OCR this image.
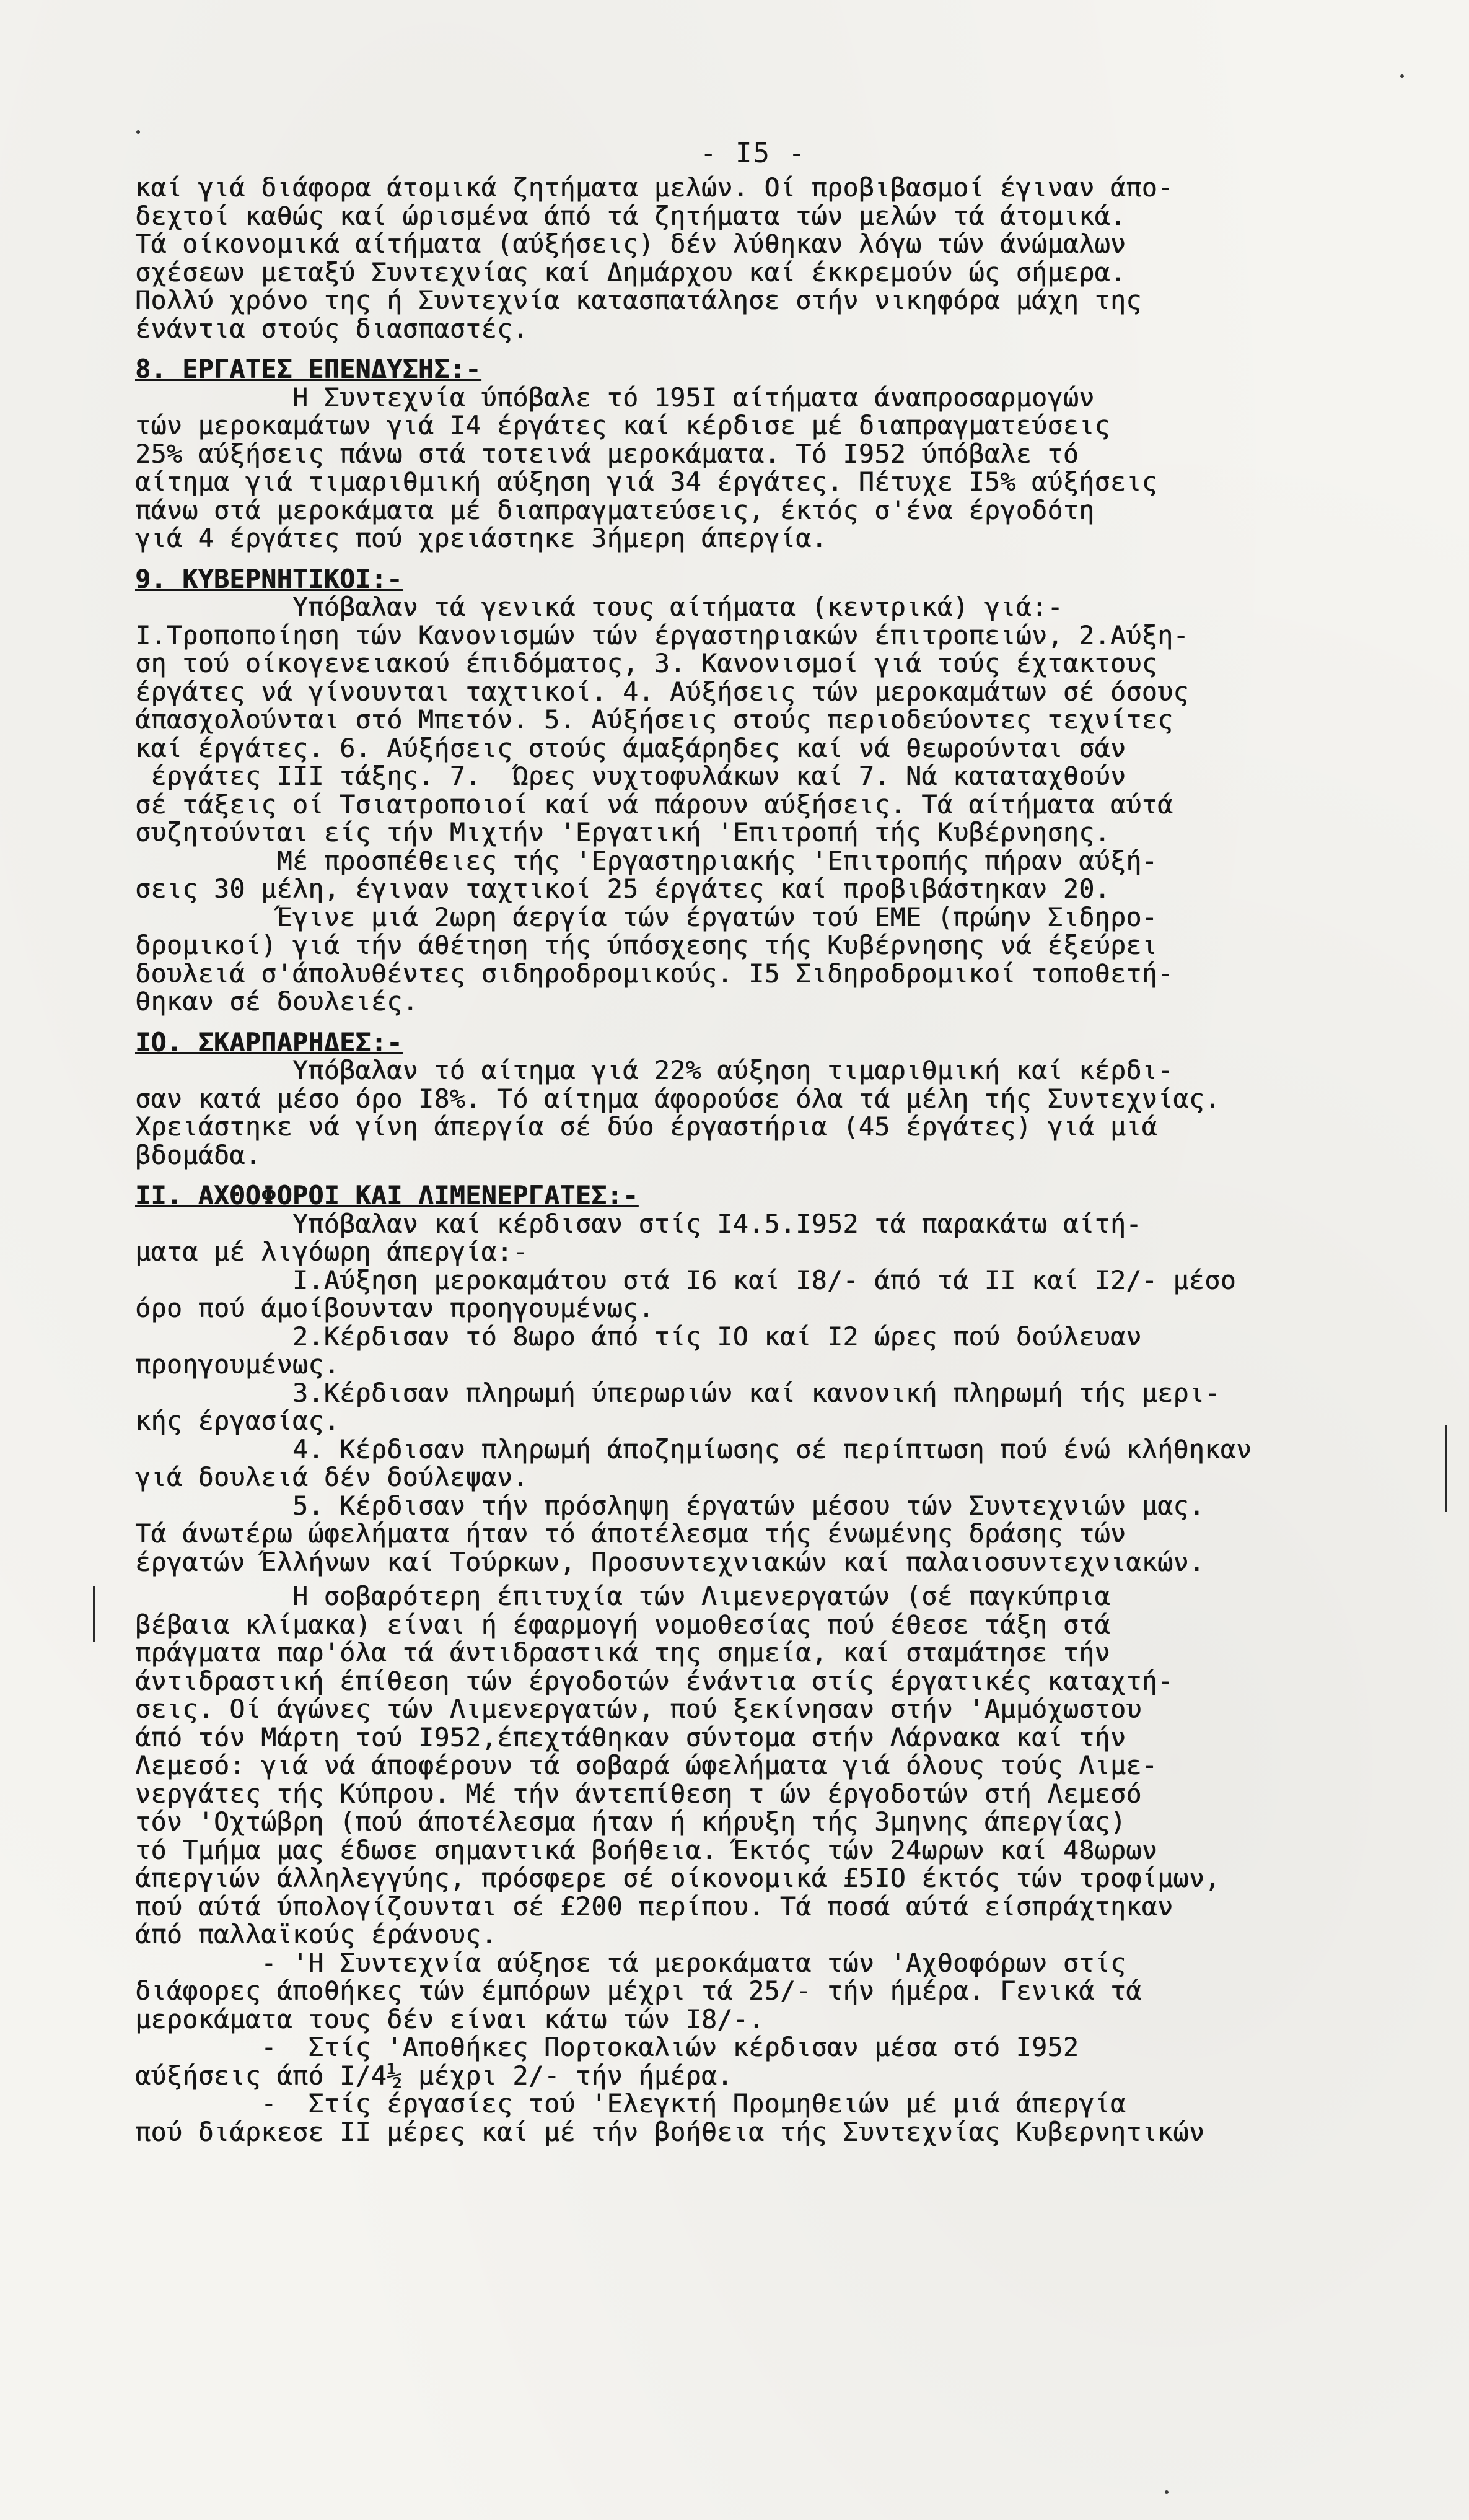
- I5 -
καί γιά διάφορα άτομικά ζητήματα μελών. Οί προβιβασμοί έγιναν άπο-
δεχτοί καθώς καί ώρισμένα άπό τά ζητήματα τών μελών τά άτομικά.
Τά οίκονομικά αίτήματα (αύξήσεις) δέν λύθηκαν λόγω τών άνώμαλων
σχέσεων μεταξύ Συντεχνίας καί Δημάρχου καί έκκρεμούν ώς σήμερα.
Πολλύ χρόνο της ή Συντεχνία κατασπατάλησε στήν νικηφόρα μάχη της
ένάντια στούς διασπαστές.
8. ΕΡΓΑΤΕΣ ΕΠΕΝΔΥΣΗΣ:-
Η Συντεχνία ύπόβαλε τό 195Ι αίτήματα άναπροσαρμογών
τών μεροκαμάτων γιά Ι4 έργάτες καί κέρδισε μέ διαπραγματεύσεις
25% αύξήσεις πάνω στά τοτεινά μεροκάματα. Τό Ι952 ύπόβαλε τό
αίτημα γιά τιμαριθμική αύξηση γιά 34 έργάτες. Πέτυχε Ι5% αύξήσεις
πάνω στά μεροκάματα μέ διαπραγματεύσεις, έκτός σ'ένα έργοδότη
γιά 4 έργάτες πού χρειάστηκε 3ήμερη άπεργία.
9. ΚΥΒΕΡΝΗΤΙΚΟΙ:-
Υπόβαλαν τά γενικά τους αίτήματα (κεντρικά) γιά:-
Ι.Τροποποίηση τών Κανονισμών τών έργαστηριακών έπιτροπειών, 2.Αύξη-
ση τού οίκογενειακού έπιδόματος, 3. Κανονισμοί γιά τούς έχτακτους
έργάτες νά γίνουνται ταχτικοί. 4. Αύξήσεις τών μεροκαμάτων σέ όσους
άπασχολούνται στό Μπετόν. 5. Αύξήσεις στούς περιοδεύοντες τεχνίτες
καί έργάτες. 6. Αύξήσεις στούς άμαξάρηδες καί νά θεωρούνται σάν
έργάτες ΙΙΙ τάξης. 7.  Ώρες νυχτοφυλάκων καί 7. Νά καταταχθούν
σέ τάξεις οί Τσιατροποιοί καί νά πάρουν αύξήσεις. Τά αίτήματα αύτά
συζητούνται είς τήν Μιχτήν 'Εργατική 'Επιτροπή τής Κυβέρνησης.
Μέ προσπέθειες τής 'Εργαστηριακής 'Επιτροπής πήραν αύξή-
σεις 30 μέλη, έγιναν ταχτικοί 25 έργάτες καί προβιβάστηκαν 20.
Έγινε μιά 2ωρη άεργία τών έργατών τού ΕΜΕ (πρώην Σιδηρο-
δρομικοί) γιά τήν άθέτηση τής ύπόσχεσης τής Κυβέρνησης νά έξεύρει
δουλειά σ'άπολυθέντες σιδηροδρομικούς. Ι5 Σιδηροδρομικοί τοποθετή-
θηκαν σέ δουλειές.
ΙΟ. ΣΚΑΡΠΑΡΗΔΕΣ:-
Υπόβαλαν τό αίτημα γιά 22% αύξηση τιμαριθμική καί κέρδι-
σαν κατά μέσο όρο Ι8%. Τό αίτημα άφορούσε όλα τά μέλη τής Συντεχνίας.
Χρειάστηκε νά γίνη άπεργία σέ δύο έργαστήρια (45 έργάτες) γιά μιά
βδομάδα.
ΙΙ. ΑΧΘΟΦΟΡΟΙ ΚΑΙ ΛΙΜΕΝΕΡΓΑΤΕΣ:-
Υπόβαλαν καί κέρδισαν στίς Ι4.5.Ι952 τά παρακάτω αίτή-
ματα μέ λιγόωρη άπεργία:-
Ι.Αύξηση μεροκαμάτου στά Ι6 καί Ι8/- άπό τά ΙΙ καί Ι2/- μέσο
όρο πού άμοίβουνταν προηγουμένως.
2.Κέρδισαν τό 8ωρο άπό τίς ΙΟ καί Ι2 ώρες πού δούλευαν
προηγουμένως.
3.Κέρδισαν πληρωμή ύπερωριών καί κανονική πληρωμή τής μερι-
κής έργασίας.
4. Κέρδισαν πληρωμή άποζημίωσης σέ περίπτωση πού ένώ κλήθηκαν
γιά δουλειά δέν δούλεψαν.
5. Κέρδισαν τήν πρόσληψη έργατών μέσου τών Συντεχνιών μας.
Τά άνωτέρω ώφελήματα ήταν τό άποτέλεσμα τής ένωμένης δράσης τών
έργατών Έλλήνων καί Τούρκων, Προσυντεχνιακών καί παλαιοσυντεχνιακών.
Η σοβαρότερη έπιτυχία τών Λιμενεργατών (σέ παγκύπρια
βέβαια κλίμακα) είναι ή έφαρμογή νομοθεσίας πού έθεσε τάξη στά
πράγματα παρ'όλα τά άντιδραστικά της σημεία, καί σταμάτησε τήν
άντιδραστική έπίθεση τών έργοδοτών ένάντια στίς έργατικές καταχτή-
σεις. Οί άγώνες τών Λιμενεργατών, πού ξεκίνησαν στήν 'Αμμόχωστου
άπό τόν Μάρτη τού Ι952,έπεχτάθηκαν σύντομα στήν Λάρνακα καί τήν
Λεμεσό: γιά νά άποφέρουν τά σοβαρά ώφελήματα γιά όλους τούς Λιμε-
νεργάτες τής Κύπρου. Μέ τήν άντεπίθεση τ ών έργοδοτών στή Λεμεσό
τόν 'Οχτώβρη (πού άποτέλεσμα ήταν ή κήρυξη τής 3μηνης άπεργίας)
τό Τμήμα μας έδωσε σημαντικά βοήθεια. Έκτός τών 24ωρων καί 48ωρων
άπεργιών άλληλεγγύης, πρόσφερε σέ οίκονομικά £5ΙΟ έκτός τών τροφίμων,
πού αύτά ύπολογίζουνται σέ £200 περίπου. Τά ποσά αύτά είσπράχτηκαν
άπό παλλαϊκούς έράνους.
- 'Η Συντεχνία αύξησε τά μεροκάματα τών 'Αχθοφόρων στίς
διάφορες άποθήκες τών έμπόρων μέχρι τά 25/- τήν ήμέρα. Γενικά τά
μεροκάματα τους δέν είναι κάτω τών Ι8/-.
-  Στίς 'Αποθήκες Πορτοκαλιών κέρδισαν μέσα στό Ι952
αύξήσεις άπό Ι/4½ μέχρι 2/- τήν ήμέρα.
-  Στίς έργασίες τού 'Ελεγκτή Προμηθειών μέ μιά άπεργία
πού διάρκεσε ΙΙ μέρες καί μέ τήν βοήθεια τής Συντεχνίας Κυβερνητικών
